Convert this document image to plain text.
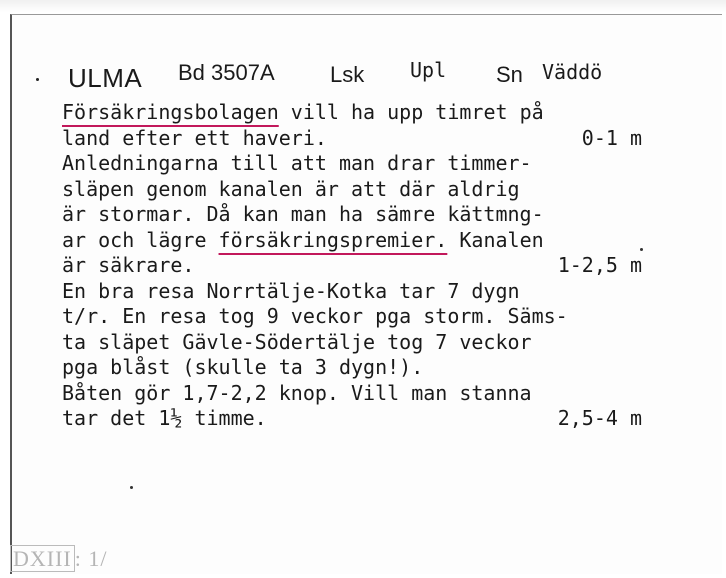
ULMA Bd 3507A	Lsk Upl Sn Väddö
Försäkringsbolagen vill ha upp timret på
land efter ett haveri.	0-1 m
Anledningarna till att man drar timmer-
släpen genom kanalen är att där aldrig
är stormar. Då kan man ha sämre kättmng-
ar och lägre försäkringspremier. Kanalen
är säkrare.	1-2,5 m
En bra resa Norrtälje-Kotka tar 7 dygn
t/r. En resa tog 9 veckor pga storm. Säms-
ta släpet Gävle-Södertälje tog 7 veckor
pga blåst (skulle ta 3 dygn!).
Båten gör 1,7-2,2 knop. Vill man stanna
tar det 1½ timme.	2,5-4 m
DXIII : 1/
